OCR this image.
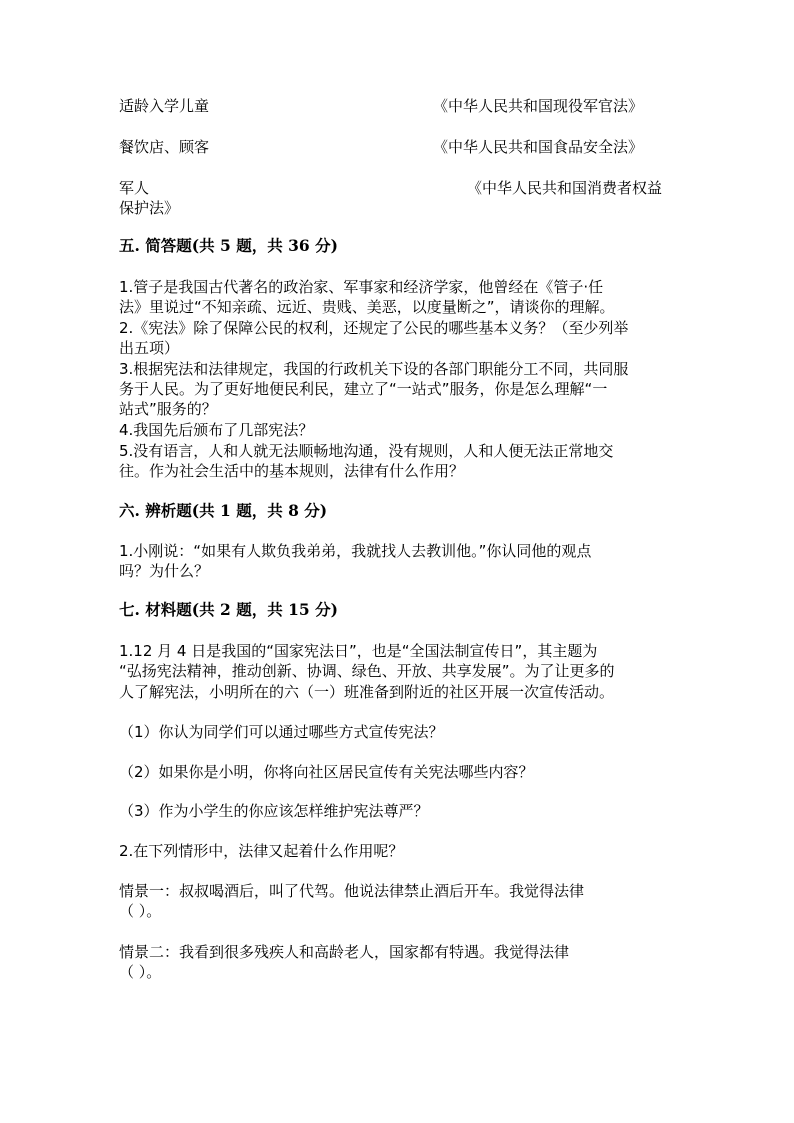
适龄入学儿童	《中华人民共和国现役军官法》
餐饮店、顾客	《中华人民共和国食品安全法》
军人	《中华人民共和国消费者权益
保护法》
五. 简答题(共 5 题，共 36 分)
1.管子是我国古代著名的政治家、军事家和经济学家，他曾经在《管子·任
法》里说过“不知亲疏、远近、贵贱、美恶，以度量断之”，请谈你的理解。
2.《宪法》除了保障公民的权利，还规定了公民的哪些基本义务？（至少列举
出五项）
3.根据宪法和法律规定，我国的行政机关下设的各部门职能分工不同，共同服
务于人民。为了更好地便民利民，建立了“一站式”服务，你是怎么理解“一
站式”服务的？
4.我国先后颁布了几部宪法？
5.没有语言，人和人就无法顺畅地沟通，没有规则，人和人便无法正常地交
往。作为社会生活中的基本规则，法律有什么作用？
六. 辨析题(共 1 题，共 8 分)
1.小刚说：“如果有人欺负我弟弟，我就找人去教训他。”你认同他的观点
吗？为什么？
七. 材料题(共 2 题，共 15 分)
1.12 月 4 日是我国的“国家宪法日”，也是“全国法制宣传日”，其主题为
“弘扬宪法精神，推动创新、协调、绿色、开放、共享发展”。为了让更多的
人了解宪法，小明所在的六（一）班准备到附近的社区开展一次宣传活动。
（1）你认为同学们可以通过哪些方式宣传宪法？
（2）如果你是小明，你将向社区居民宣传有关宪法哪些内容？
（3）作为小学生的你应该怎样维护宪法尊严？
2.在下列情形中，法律又起着什么作用呢？
情景一：叔叔喝酒后，叫了代驾。他说法律禁止酒后开车。我觉得法律
（ ）。
情景二：我看到很多残疾人和高龄老人，国家都有特遇。我觉得法律
（ ）。
